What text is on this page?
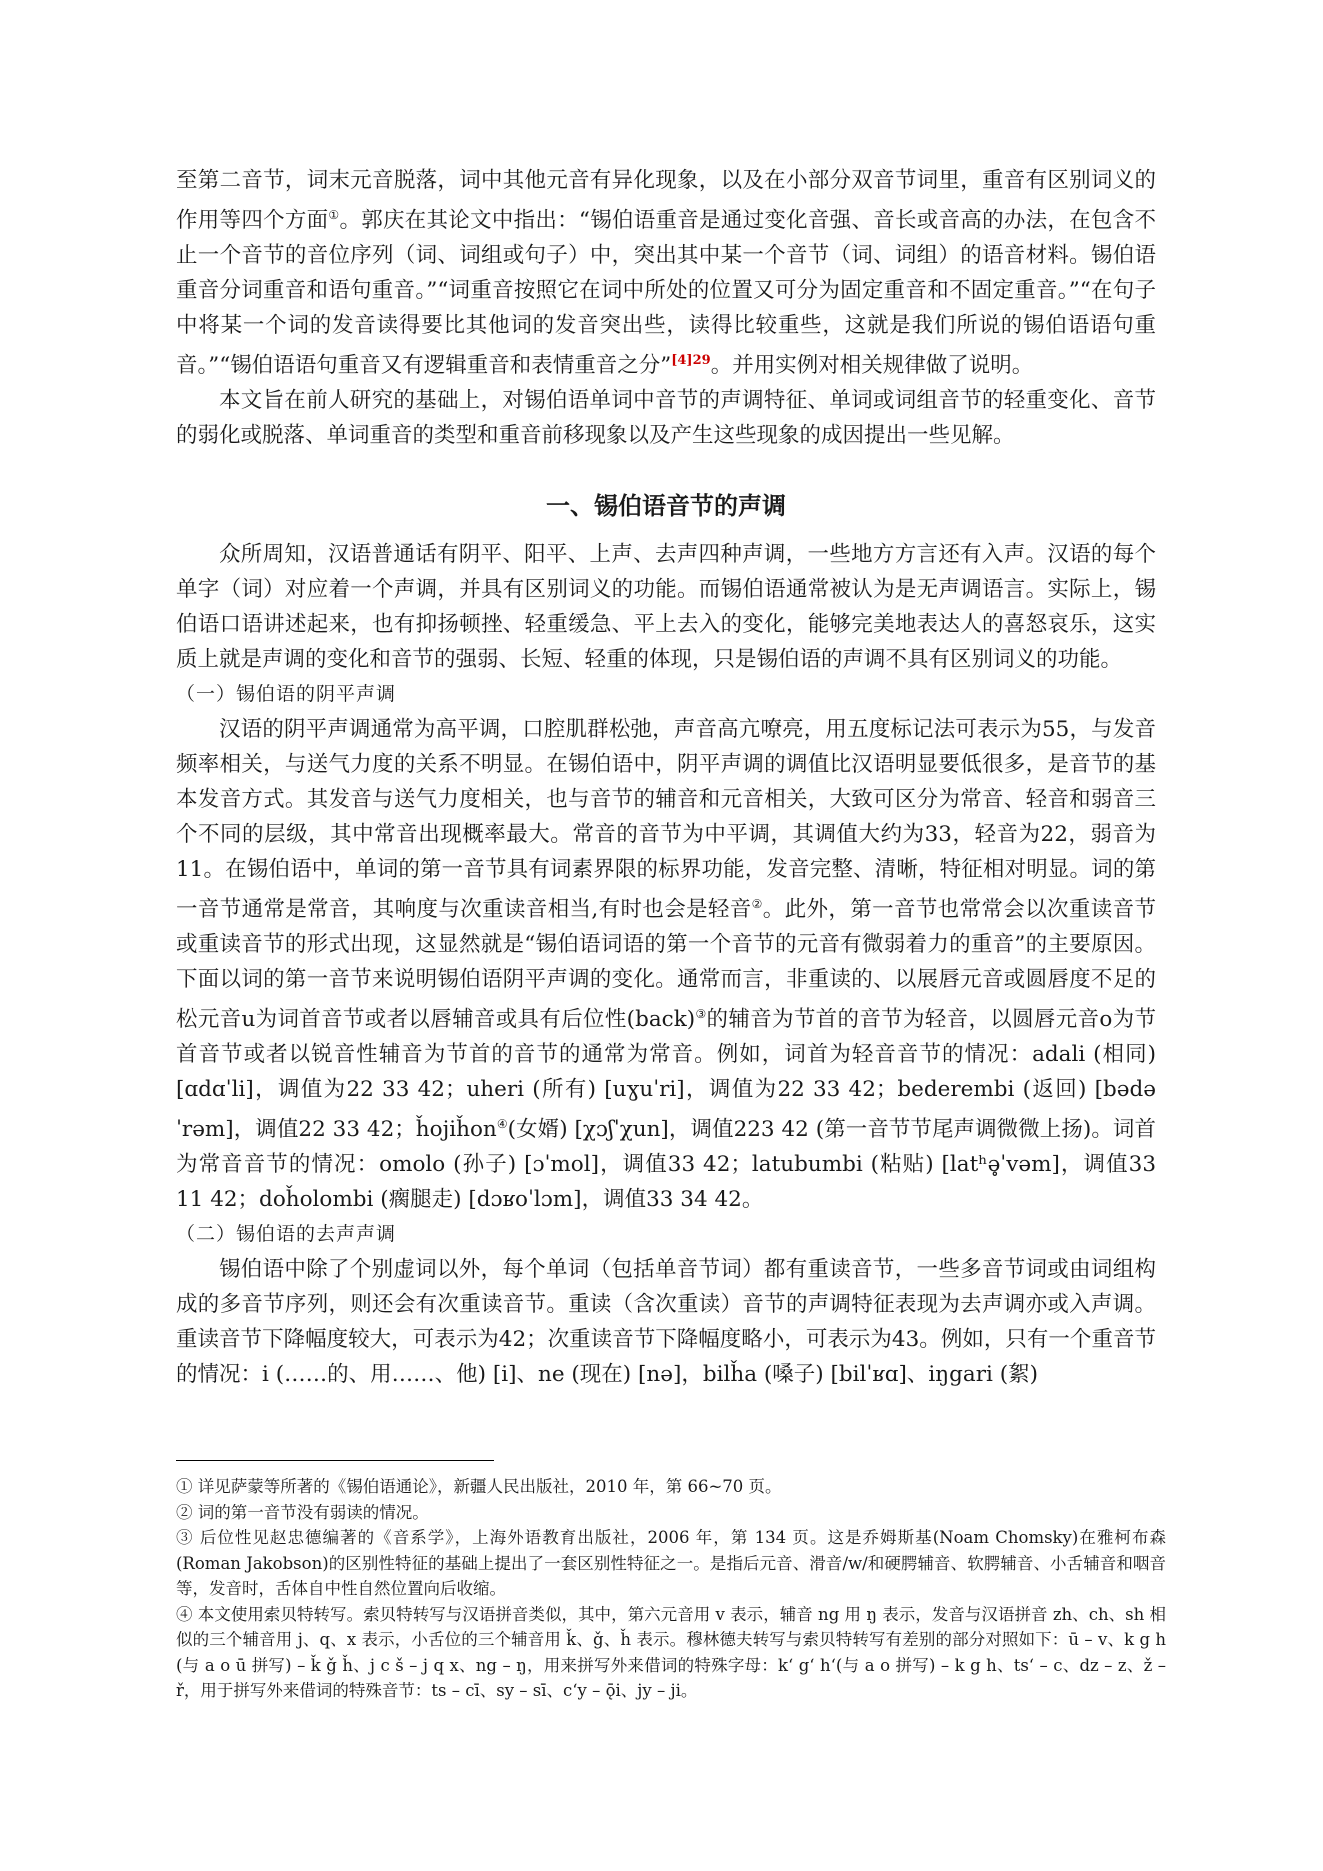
至第二音节，词末元音脱落，词中其他元音有异化现象，以及在小部分双音节词里，重音有区别词义的作用等四个方面①。郭庆在其论文中指出：“锡伯语重音是通过变化音强、音长或音高的办法，在包含不止一个音节的音位序列（词、词组或句子）中，突出其中某一个音节（词、词组）的语音材料。锡伯语重音分词重音和语句重音。”“词重音按照它在词中所处的位置又可分为固定重音和不固定重音。”“在句子中将某一个词的发音读得要比其他词的发音突出些，读得比较重些，这就是我们所说的锡伯语语句重音。”“锡伯语语句重音又有逻辑重音和表情重音之分”$^{[4]29}$。并用实例对相关规律做了说明。

本文旨在前人研究的基础上，对锡伯语单词中音节的声调特征、单词或词组音节的轻重变化、音节的弱化或脱落、单词重音的类型和重音前移现象以及产生这些现象的成因提出一些见解。

一、锡伯语音节的声调

众所周知，汉语普通话有阴平、阳平、上声、去声四种声调，一些地方方言还有入声。汉语的每个单字（词）对应着一个声调，并具有区别词义的功能。而锡伯语通常被认为是无声调语言。实际上，锡伯语口语讲述起来，也有抑扬顿挫、轻重缓急、平上去入的变化，能够完美地表达人的喜怒哀乐，这实质上就是声调的变化和音节的强弱、长短、轻重的体现，只是锡伯语的声调不具有区别词义的功能。

（一）锡伯语的阴平声调

汉语的阴平声调通常为高平调，口腔肌群松弛，声音高亢嘹亮，用五度标记法可表示为55，与发音频率相关，与送气力度的关系不明显。在锡伯语中，阴平声调的调值比汉语明显要低很多，是音节的基本发音方式。其发音与送气力度相关，也与音节的辅音和元音相关，大致可区分为常音、轻音和弱音三个不同的层级，其中常音出现概率最大。常音的音节为中平调，其调值大约为33，轻音为22，弱音为11。在锡伯语中，单词的第一音节具有词素界限的标界功能，发音完整、清晰，特征相对明显。词的第一音节通常是常音，其响度与次重读音相当,有时也会是轻音②。此外，第一音节也常常会以次重读音节或重读音节的形式出现，这显然就是“锡伯语词语的第一个音节的元音有微弱着力的重音”的主要原因。下面以词的第一音节来说明锡伯语阴平声调的变化。通常而言，非重读的、以展唇元音或圆唇度不足的松元音u为词首音节或者以唇辅音或具有后位性(back)③的辅音为节首的音节为轻音，以圆唇元音o为节首音节或者以锐音性辅音为节首的音节的通常为常音。例如，词首为轻音音节的情况：adali (相同) [ɑdɑˈli]，调值为22 33 42；uheri (所有) [uɣuˈri]，调值为22 33 42；bederembi (返回) [bədəˈrəm]，调值22 33 42；ȟojiȟon④(女婿) [χɔʃˈχun]，调值223 42 (第一音节节尾声调微微上扬)。词首为常音音节的情况：omolo (孙子) [ɔˈmol]，调值33 42；latubumbi (粘贴) [latʰə̥ˈvəm]，调值33 11 42；doȟolombi (瘸腿走) [dɔʁoˈlɔm]，调值33 34 42。

（二）锡伯语的去声声调

锡伯语中除了个别虚词以外，每个单词（包括单音节词）都有重读音节，一些多音节词或由词组构成的多音节序列，则还会有次重读音节。重读（含次重读）音节的声调特征表现为去声调亦或入声调。重读音节下降幅度较大，可表示为42；次重读音节下降幅度略小，可表示为43。例如，只有一个重音节的情况：i (……的、用……、他) [i]、ne (现在) [nə]，bilȟa (嗓子) [bilˈʁɑ]、iŋgari (絮)

① 详见萨蒙等所著的《锡伯语通论》，新疆人民出版社，2010 年，第 66~70 页。

② 词的第一音节没有弱读的情况。

③ 后位性见赵忠德编著的《音系学》，上海外语教育出版社，2006 年，第 134 页。这是乔姆斯基(Noam Chomsky)在雅柯布森(Roman Jakobson)的区别性特征的基础上提出了一套区别性特征之一。是指后元音、滑音/w/和硬腭辅音、软腭辅音、小舌辅音和咽音等，发音时，舌体自中性自然位置向后收缩。

④ 本文使用索贝特转写。索贝特转写与汉语拼音类似，其中，第六元音用 v 表示，辅音 ng 用 ŋ 表示，发音与汉语拼音 zh、ch、sh 相似的三个辅音用 j、q、x 表示，小舌位的三个辅音用 ǩ、ǧ、ȟ 表示。穆林德夫转写与索贝特转写有差别的部分对照如下：ū – v、k g h (与 a o ū 拼写) – ǩ ǧ ȟ、j c š – j q x、ng – ŋ，用来拼写外来借词的特殊字母：k‘ g‘ h‘(与 a o 拼写) – k g h、ts‘ – c、dz – z、ž – ř，用于拼写外来借词的特殊音节：ts – cī、sy – sī、c‘y – ǭi、jy – ji。
